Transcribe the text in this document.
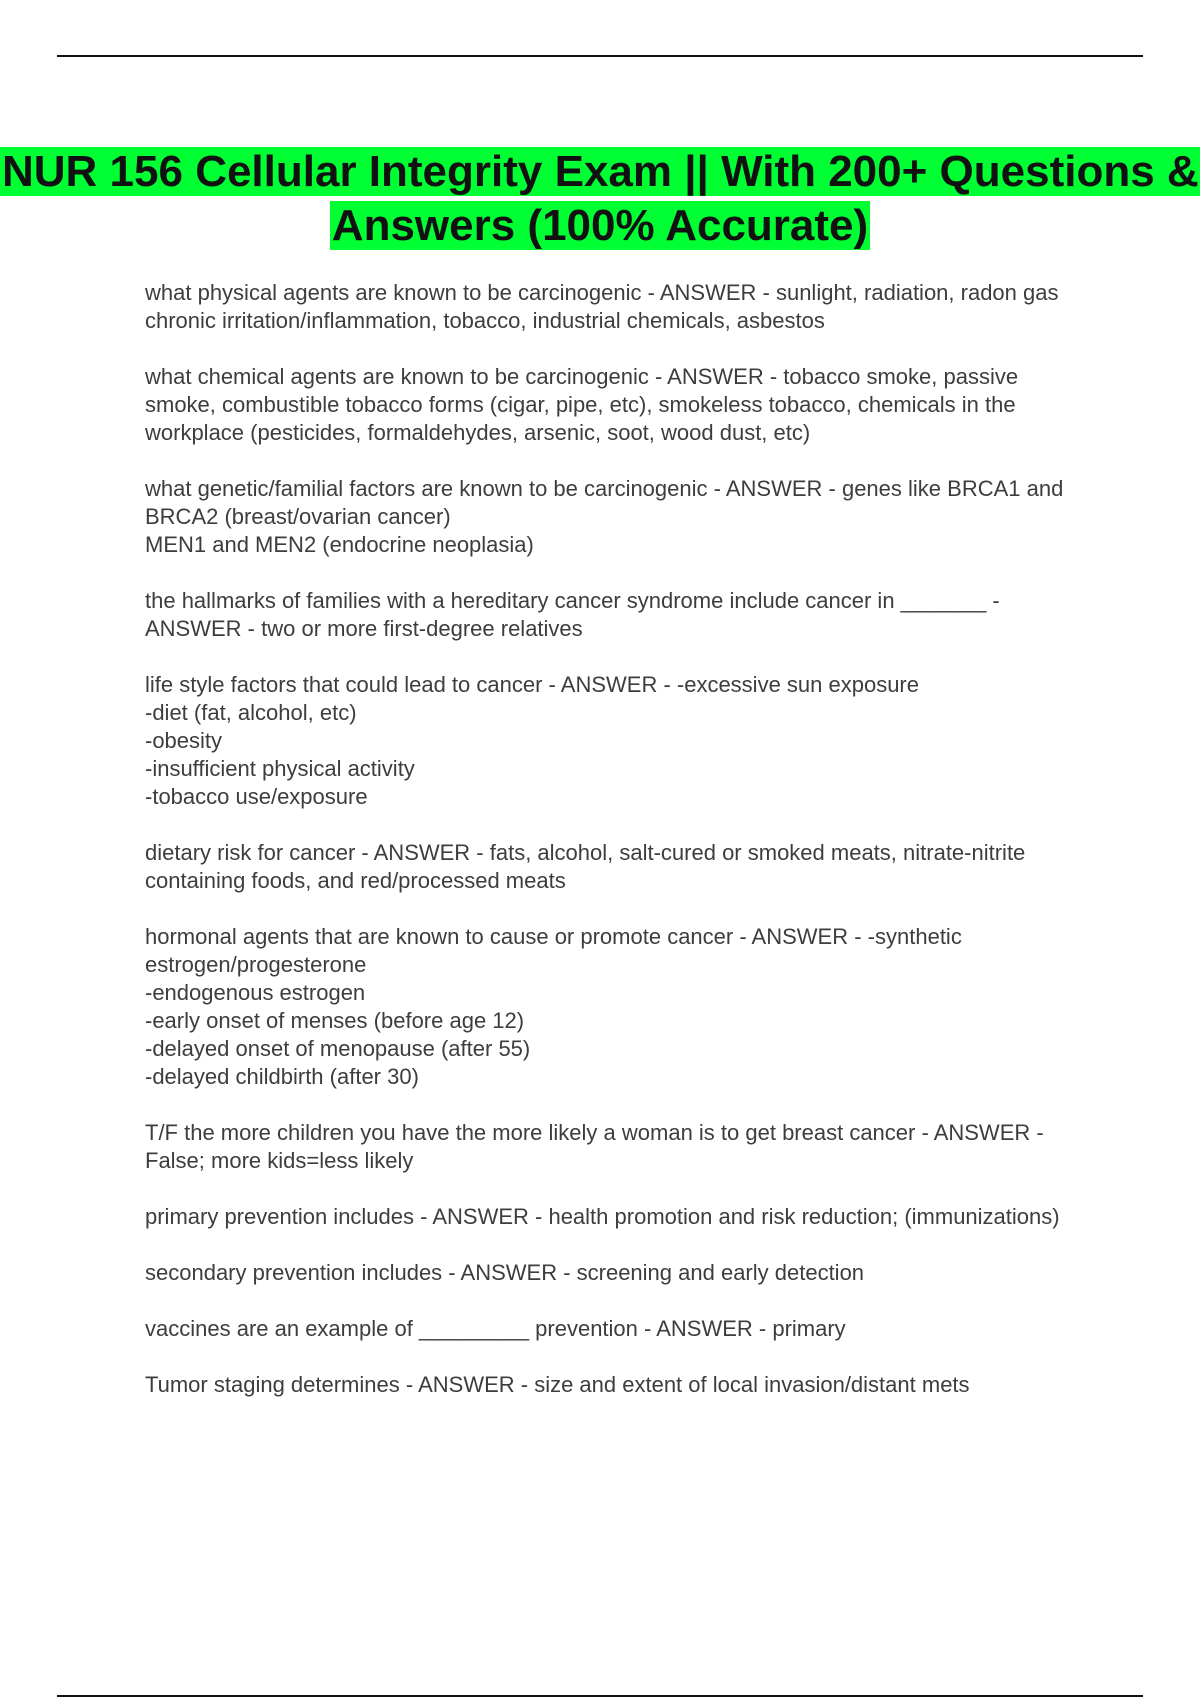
NUR 156 Cellular Integrity Exam || With 200+ Questions & Answers (100% Accurate)
what physical agents are known to be carcinogenic - ANSWER - sunlight, radiation, radon gas chronic irritation/inflammation, tobacco, industrial chemicals, asbestos
what chemical agents are known to be carcinogenic - ANSWER - tobacco smoke, passive smoke, combustible tobacco forms (cigar, pipe, etc), smokeless tobacco, chemicals in the workplace (pesticides, formaldehydes, arsenic, soot, wood dust, etc)
what genetic/familial factors are known to be carcinogenic - ANSWER - genes like BRCA1 and BRCA2 (breast/ovarian cancer)
MEN1 and MEN2 (endocrine neoplasia)
the hallmarks of families with a hereditary cancer syndrome include cancer in _______ - ANSWER - two or more first-degree relatives
life style factors that could lead to cancer - ANSWER - -excessive sun exposure
-diet (fat, alcohol, etc)
-obesity
-insufficient physical activity
-tobacco use/exposure
dietary risk for cancer - ANSWER - fats, alcohol, salt-cured or smoked meats, nitrate-nitrite containing foods, and red/processed meats
hormonal agents that are known to cause or promote cancer - ANSWER - -synthetic estrogen/progesterone
-endogenous estrogen
-early onset of menses (before age 12)
-delayed onset of menopause (after 55)
-delayed childbirth (after 30)
T/F the more children you have the more likely a woman is to get breast cancer - ANSWER - False; more kids=less likely
primary prevention includes - ANSWER - health promotion and risk reduction; (immunizations)
secondary prevention includes - ANSWER - screening and early detection
vaccines are an example of _________ prevention - ANSWER - primary
Tumor staging determines - ANSWER - size and extent of local invasion/distant mets
